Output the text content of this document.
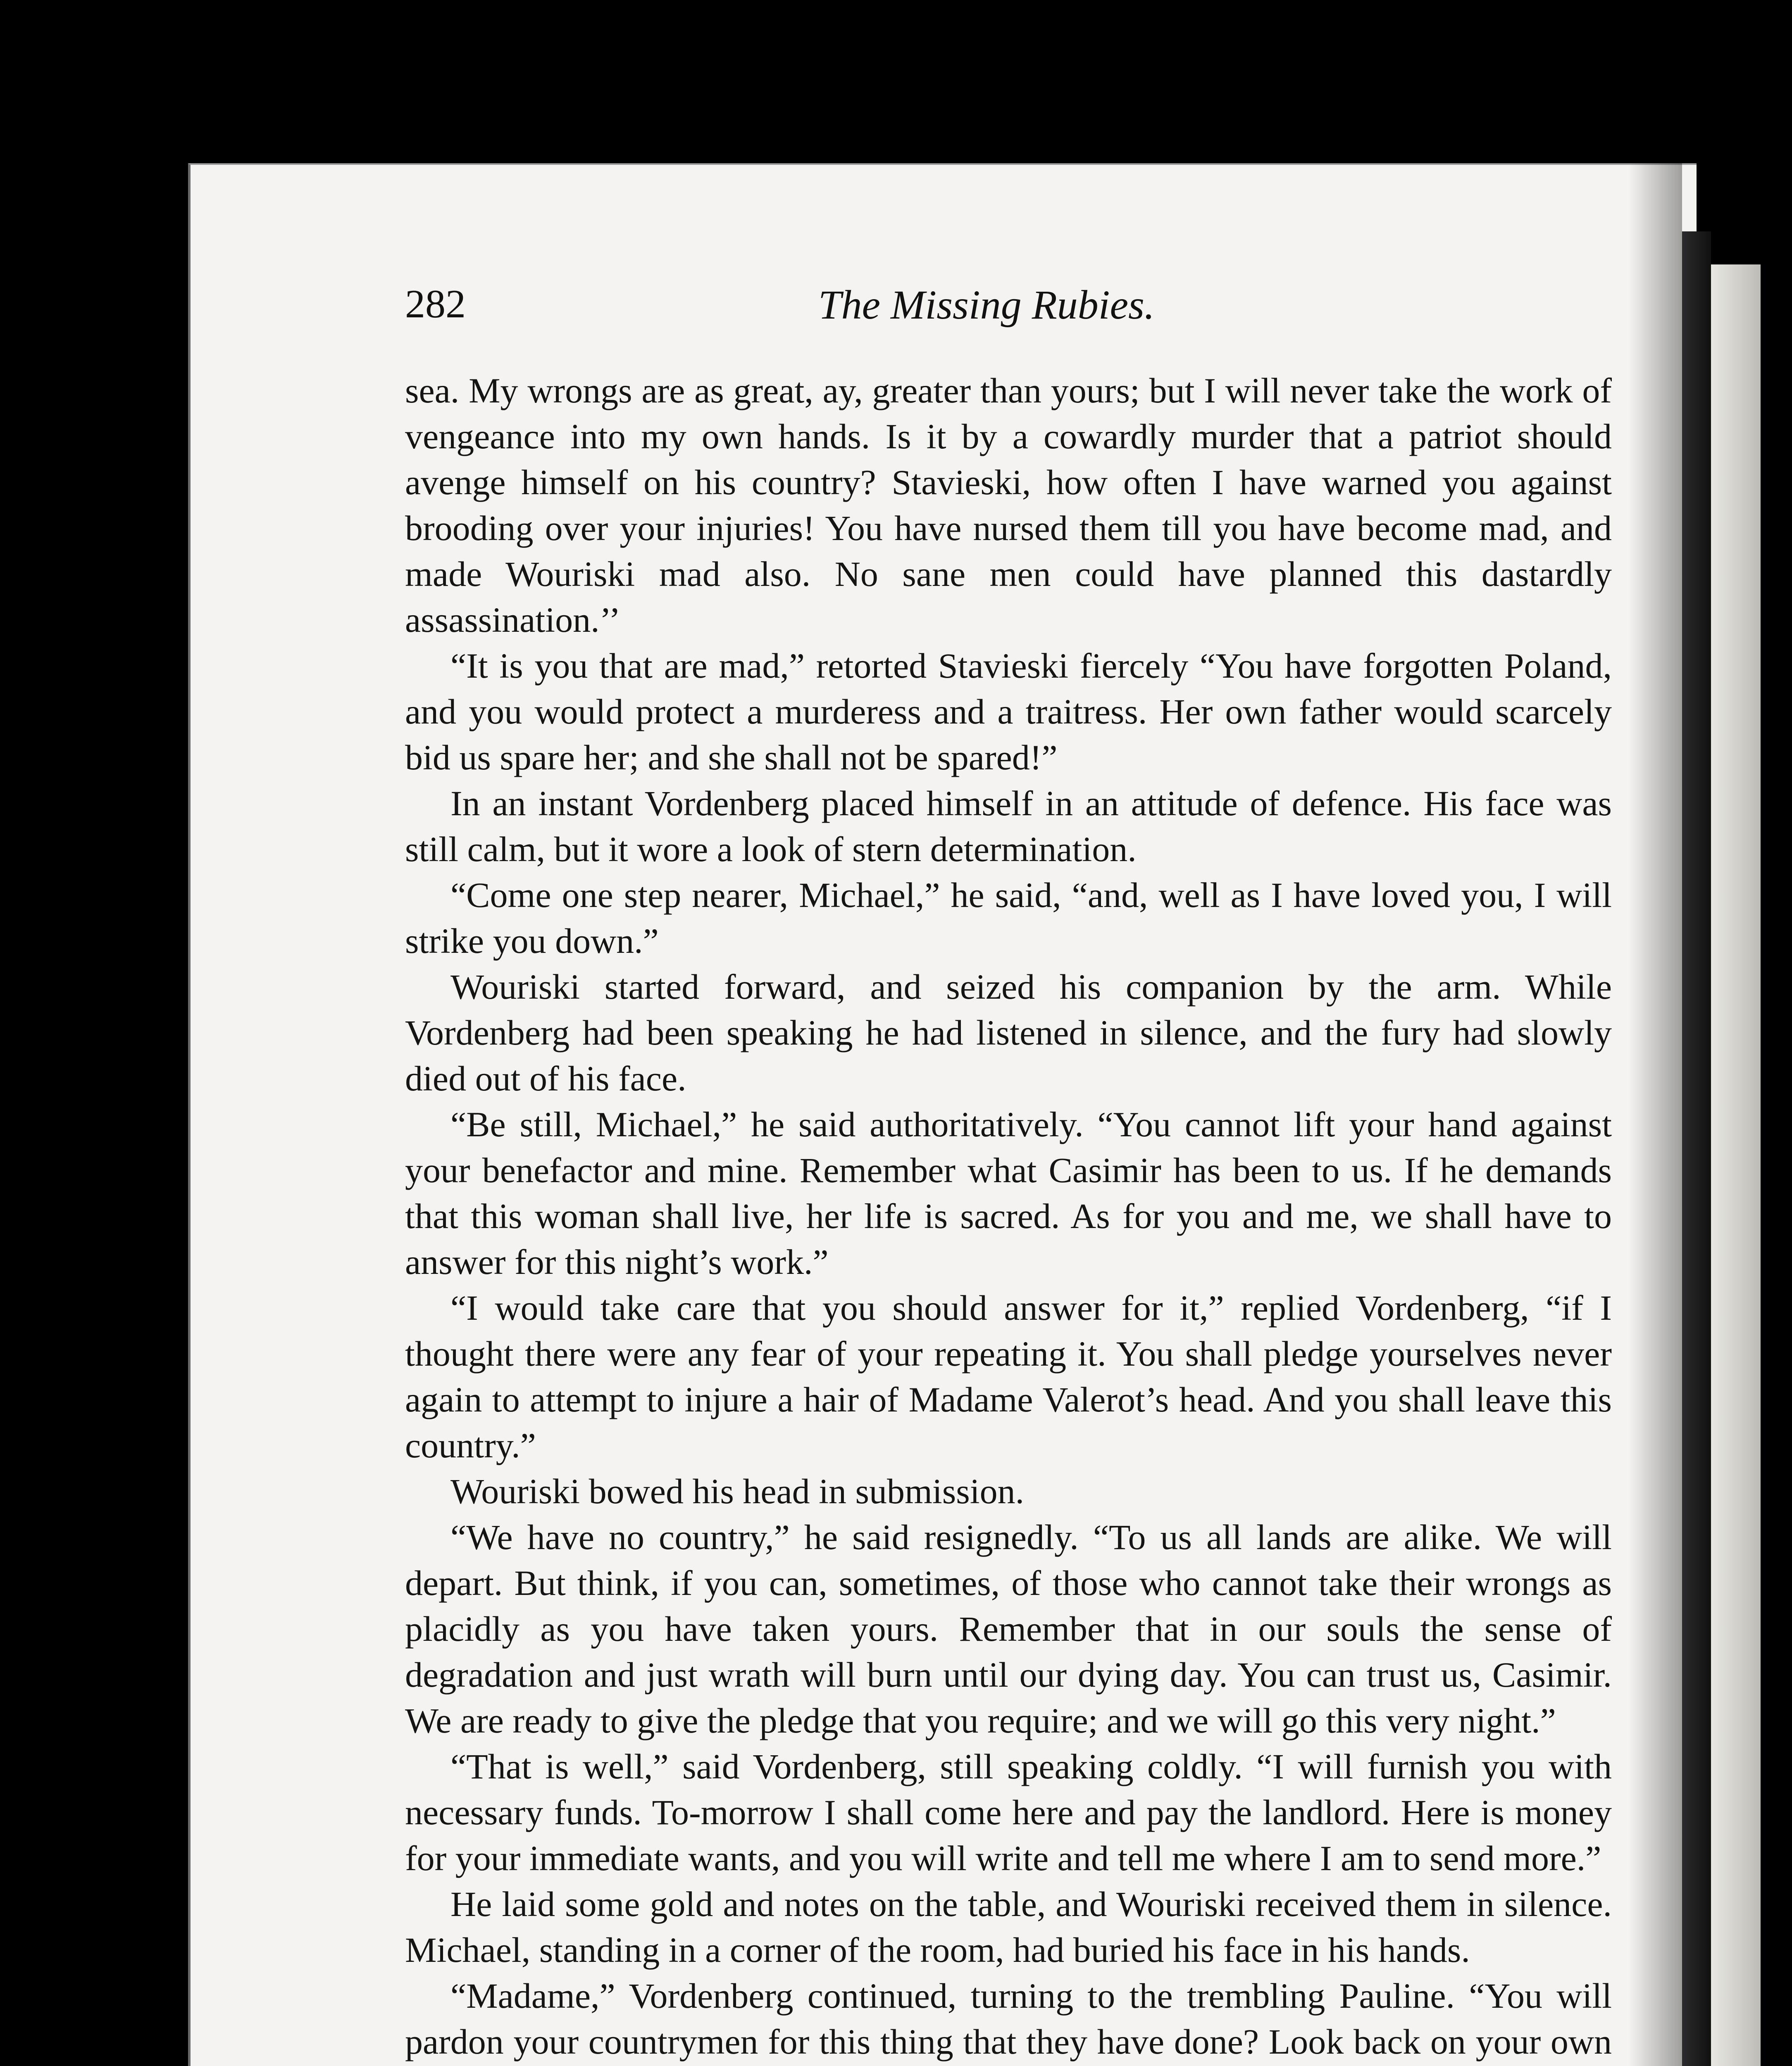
282	The Missing Rubies.

sea. My wrongs are as great, ay, greater than yours; but I will never take the work of vengeance into my own hands. Is it by a cowardly murder that a patriot should avenge himself on his country? Stavieski, how often I have warned you against brooding over your injuries! You have nursed them till you have become mad, and made Wouriski mad also. No sane men could have planned this dastardly assassination.’’

“It is you that are mad,” retorted Stavieski fiercely “You have forgotten Poland, and you would protect a murderess and a traitress. Her own father would scarcely bid us spare her; and she shall not be spared!”

In an instant Vordenberg placed himself in an attitude of defence. His face was still calm, but it wore a look of stern determination.

“Come one step nearer, Michael,” he said, “and, well as I have loved you, I will strike you down.”

Wouriski started forward, and seized his companion by the arm. While Vordenberg had been speaking he had listened in silence, and the fury had slowly died out of his face.

“Be still, Michael,” he said authoritatively. “You cannot lift your hand against your benefactor and mine. Remember what Casimir has been to us. If he demands that this woman shall live, her life is sacred. As for you and me, we shall have to answer for this night’s work.”

“I would take care that you should answer for it,” replied Vordenberg, “if I thought there were any fear of your repeating it. You shall pledge yourselves never again to attempt to injure a hair of Madame Valerot’s head. And you shall leave this country.”

Wouriski bowed his head in submission.

“We have no country,” he said resignedly. “To us all lands are alike. We will depart. But think, if you can, sometimes, of those who cannot take their wrongs as placidly as you have taken yours. Remember that in our souls the sense of degradation and just wrath will burn until our dying day. You can trust us, Casimir. We are ready to give the pledge that you require; and we will go this very night.”

“That is well,” said Vordenberg, still speaking coldly. “I will furnish you with necessary funds. To-morrow I shall come here and pay the landlord. Here is money for your immediate wants, and you will write and tell me where I am to send more.”

He laid some gold and notes on the table, and Wouriski received them in silence. Michael, standing in a corner of the room, had buried his face in his hands.

“Madame,” Vordenberg continued, turning to the trembling Pauline. “You will pardon your countrymen for this thing that they have done? Look back on your own
